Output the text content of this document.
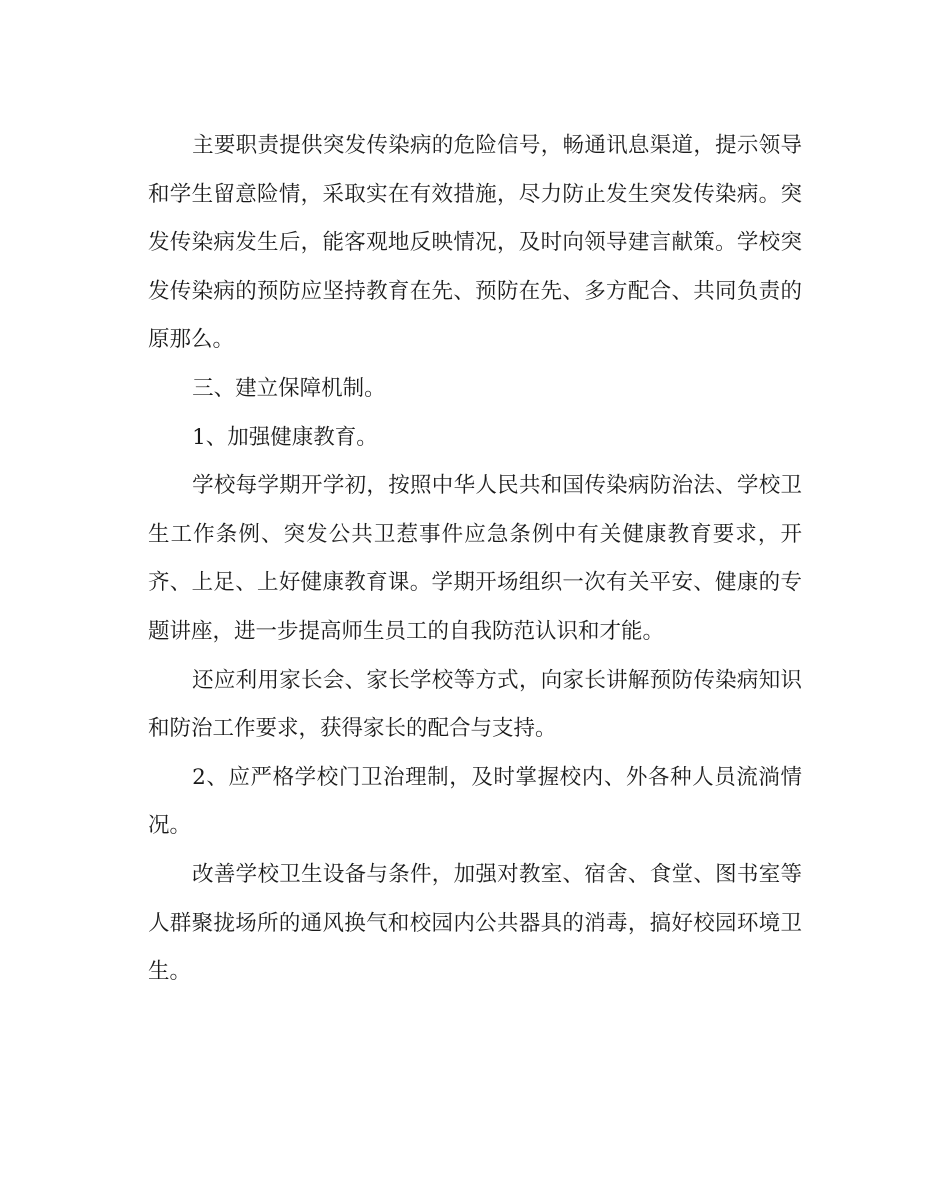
主要职责提供突发传染病的危险信号，畅通讯息渠道，提示领导和学生留意险情，采取实在有效措施，尽力防止发生突发传染病。突发传染病发生后，能客观地反映情况，及时向领导建言献策。学校突发传染病的预防应坚持教育在先、预防在先、多方配合、共同负责的原那么。

三、建立保障机制。

1、加强健康教育。

学校每学期开学初，按照中华人民共和国传染病防治法、学校卫生工作条例、突发公共卫惹事件应急条例中有关健康教育要求，开齐、上足、上好健康教育课。学期开场组织一次有关平安、健康的专题讲座，进一步提高师生员工的自我防范认识和才能。

还应利用家长会、家长学校等方式，向家长讲解预防传染病知识和防治工作要求，获得家长的配合与支持。

2、应严格学校门卫治理制，及时掌握校内、外各种人员流淌情况。

改善学校卫生设备与条件，加强对教室、宿舍、食堂、图书室等人群聚拢场所的通风换气和校园内公共器具的消毒，搞好校园环境卫生。
